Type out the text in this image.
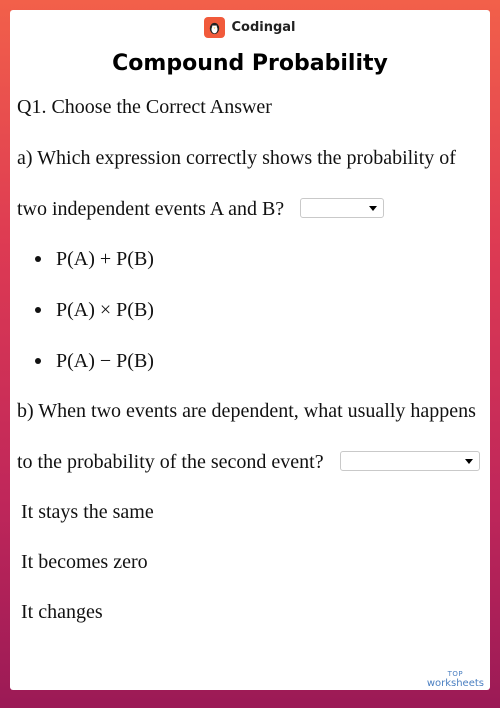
Codingal
Compound Probability
Q1. Choose the Correct Answer
a) Which expression correctly shows the probability of
two independent events A and B?
P(A) + P(B)
P(A) × P(B)
P(A) − P(B)
b) When two events are dependent, what usually happens
to the probability of the second event?
It stays the same
It becomes zero
It changes
TOP
worksheets
